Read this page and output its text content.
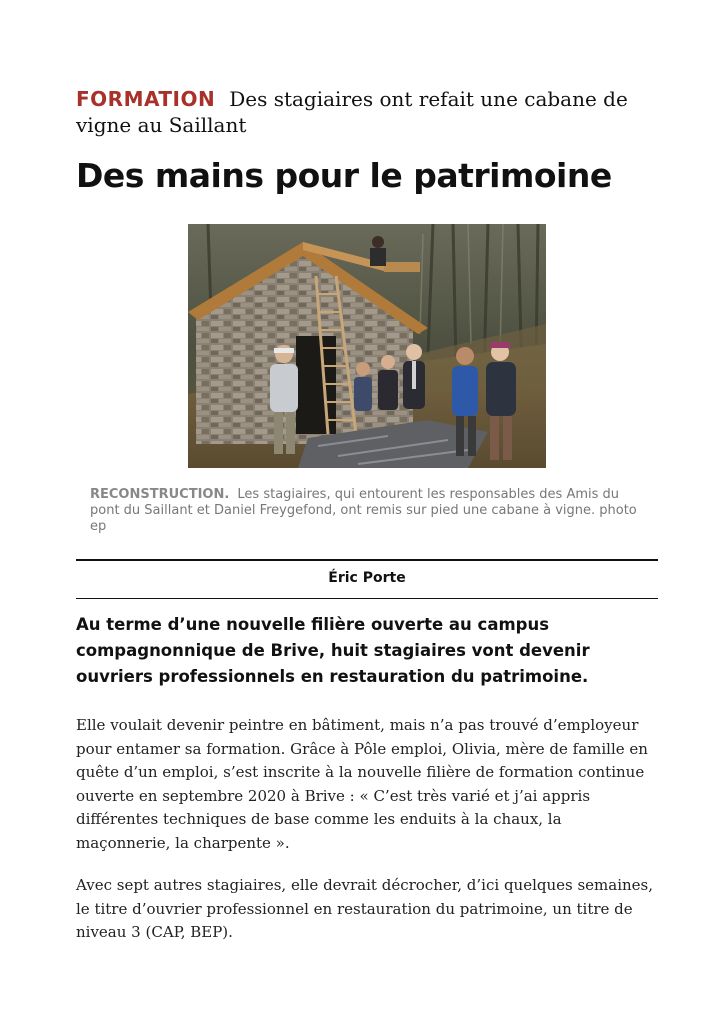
FORMATION Des stagiaires ont refait une cabane de vigne au Saillant

Des mains pour le patrimoine
RECONSTRUCTION. Les stagiaires, qui entourent les responsables des Amis du pont du Saillant et Daniel Freygefond, ont remis sur pied une cabane à vigne. photo ep
Éric Porte

Au terme d’une nouvelle filière ouverte au campus compagnonnique de Brive, huit stagiaires vont devenir ouvriers professionnels en restauration du patrimoine.

Elle voulait devenir peintre en bâtiment, mais n’a pas trouvé d’employeur pour entamer sa formation. Grâce à Pôle emploi, Olivia, mère de famille en quête d’un emploi, s’est inscrite à la nouvelle filière de formation continue ouverte en septembre 2020 à Brive : « C’est très varié et j’ai appris différentes techniques de base comme les enduits à la chaux, la maçonnerie, la charpente ».

Avec sept autres stagiaires, elle devrait décrocher, d’ici quelques semaines, le titre d’ouvrier professionnel en restauration du patrimoine, un titre de niveau 3 (CAP, BEP).
